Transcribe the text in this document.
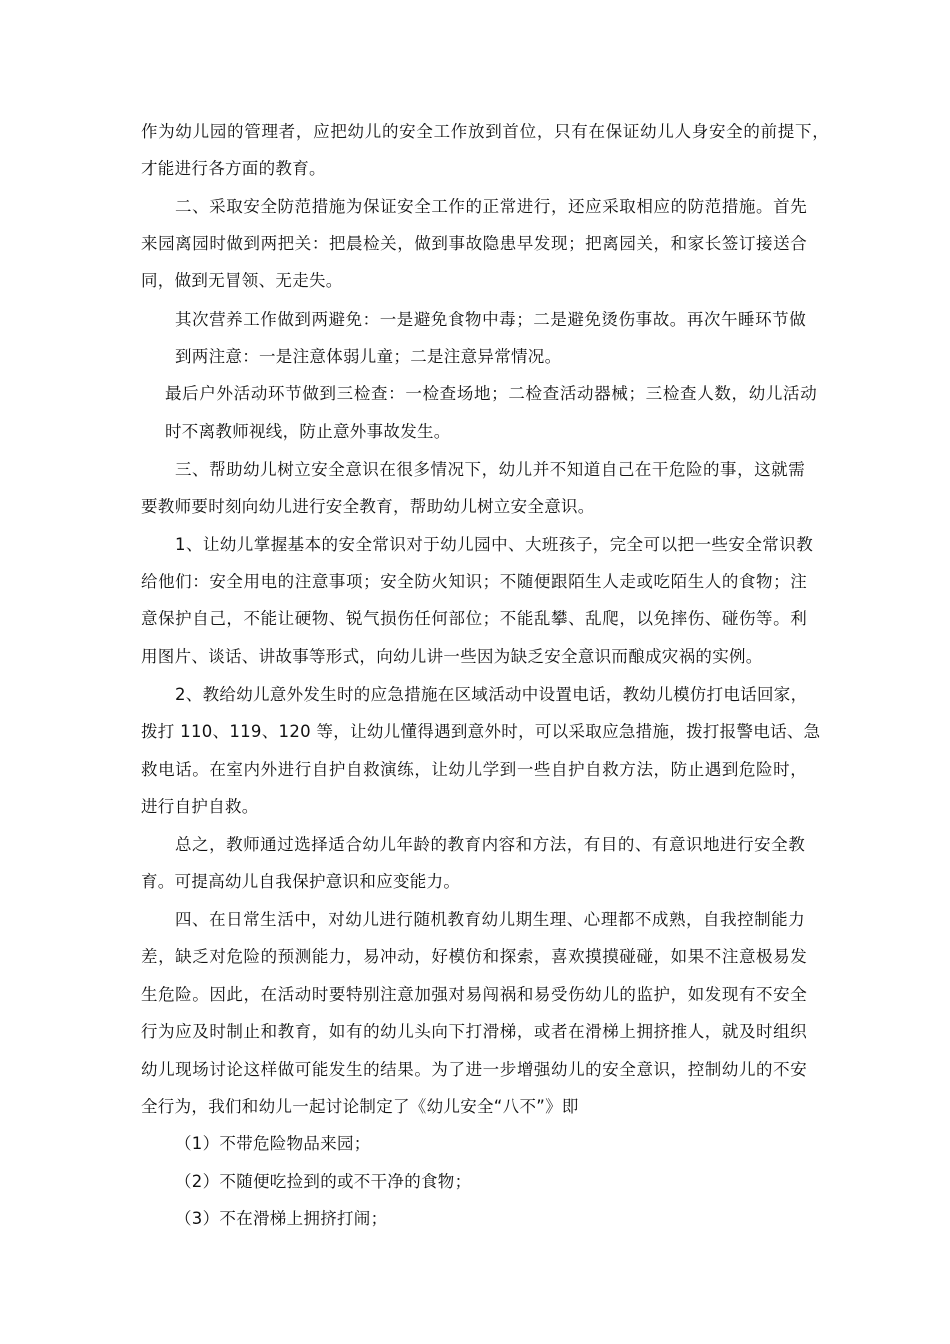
作为幼儿园的管理者，应把幼儿的安全工作放到首位，只有在保证幼儿人身安全的前提下，
才能进行各方面的教育。
二、采取安全防范措施为保证安全工作的正常进行，还应采取相应的防范措施。首先
来园离园时做到两把关：把晨检关，做到事故隐患早发现；把离园关，和家长签订接送合
同，做到无冒领、无走失。
其次营养工作做到两避免：一是避免食物中毒；二是避免烫伤事故。再次午睡环节做
到两注意：一是注意体弱儿童；二是注意异常情况。
最后户外活动环节做到三检查：一检查场地；二检查活动器械；三检查人数，幼儿活动
时不离教师视线，防止意外事故发生。
三、帮助幼儿树立安全意识在很多情况下，幼儿并不知道自己在干危险的事，这就需
要教师要时刻向幼儿进行安全教育，帮助幼儿树立安全意识。
1、让幼儿掌握基本的安全常识对于幼儿园中、大班孩子，完全可以把一些安全常识教
给他们：安全用电的注意事项；安全防火知识；不随便跟陌生人走或吃陌生人的食物；注
意保护自己，不能让硬物、锐气损伤任何部位；不能乱攀、乱爬，以免摔伤、碰伤等。利
用图片、谈话、讲故事等形式，向幼儿讲一些因为缺乏安全意识而酿成灾祸的实例。
2、教给幼儿意外发生时的应急措施在区域活动中设置电话，教幼儿模仿打电话回家，
拨打 110、119、120 等，让幼儿懂得遇到意外时，可以采取应急措施，拨打报警电话、急
救电话。在室内外进行自护自救演练，让幼儿学到一些自护自救方法，防止遇到危险时，
进行自护自救。
总之，教师通过选择适合幼儿年龄的教育内容和方法，有目的、有意识地进行安全教
育。可提高幼儿自我保护意识和应变能力。
四、在日常生活中，对幼儿进行随机教育幼儿期生理、心理都不成熟，自我控制能力
差，缺乏对危险的预测能力，易冲动，好模仿和探索，喜欢摸摸碰碰，如果不注意极易发
生危险。因此，在活动时要特别注意加强对易闯祸和易受伤幼儿的监护，如发现有不安全
行为应及时制止和教育，如有的幼儿头向下打滑梯，或者在滑梯上拥挤推人，就及时组织
幼儿现场讨论这样做可能发生的结果。为了进一步增强幼儿的安全意识，控制幼儿的不安
全行为，我们和幼儿一起讨论制定了《幼儿安全“八不”》即
（1）不带危险物品来园；
（2）不随便吃捡到的或不干净的食物；
（3）不在滑梯上拥挤打闹；
